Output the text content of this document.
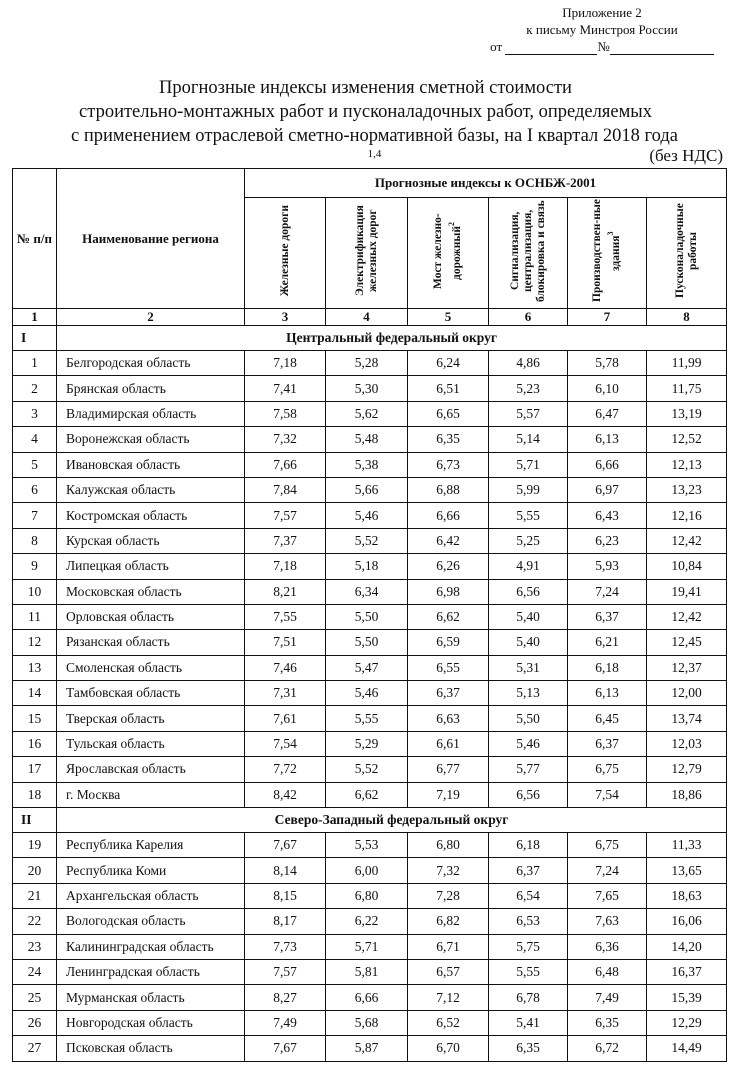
Приложение 2
к письму Минстроя России
от	№
Прогнозные индексы изменения сметной стоимости
строительно-монтажных работ и пусконаладочных работ, определяемых
с применением отраслевой сметно-нормативной базы, на I квартал 2018 года
$^{1,4}$	(без НДС)
№ п/п	Наименование региона	Прогнозные индексы к ОСНБЖ-2001					
		Железные дороги	Электрификация железных дорог	Мост железно-дорожный$^2$	Сигнализация, централизация, блокировка и связь	Производствен-ные здания$^3$	Пусконаладочные работы
1	2	3	4	5	6	7	8
I	Центральный федеральный округ						
1	Белгородская область	7,18	5,28	6,24	4,86	5,78	11,99
2	Брянская область	7,41	5,30	6,51	5,23	6,10	11,75
3	Владимирская область	7,58	5,62	6,65	5,57	6,47	13,19
4	Воронежская область	7,32	5,48	6,35	5,14	6,13	12,52
5	Ивановская область	7,66	5,38	6,73	5,71	6,66	12,13
6	Калужская область	7,84	5,66	6,88	5,99	6,97	13,23
7	Костромская область	7,57	5,46	6,66	5,55	6,43	12,16
8	Курская область	7,37	5,52	6,42	5,25	6,23	12,42
9	Липецкая область	7,18	5,18	6,26	4,91	5,93	10,84
10	Московская область	8,21	6,34	6,98	6,56	7,24	19,41
11	Орловская область	7,55	5,50	6,62	5,40	6,37	12,42
12	Рязанская область	7,51	5,50	6,59	5,40	6,21	12,45
13	Смоленская область	7,46	5,47	6,55	5,31	6,18	12,37
14	Тамбовская область	7,31	5,46	6,37	5,13	6,13	12,00
15	Тверская область	7,61	5,55	6,63	5,50	6,45	13,74
16	Тульская область	7,54	5,29	6,61	5,46	6,37	12,03
17	Ярославская область	7,72	5,52	6,77	5,77	6,75	12,79
18	г. Москва	8,42	6,62	7,19	6,56	7,54	18,86
II	Северо-Западный федеральный округ						
19	Республика Карелия	7,67	5,53	6,80	6,18	6,75	11,33
20	Республика Коми	8,14	6,00	7,32	6,37	7,24	13,65
21	Архангельская область	8,15	6,80	7,28	6,54	7,65	18,63
22	Вологодская область	8,17	6,22	6,82	6,53	7,63	16,06
23	Калининградская область	7,73	5,71	6,71	5,75	6,36	14,20
24	Ленинградская область	7,57	5,81	6,57	5,55	6,48	16,37
25	Мурманская область	8,27	6,66	7,12	6,78	7,49	15,39
26	Новгородская область	7,49	5,68	6,52	5,41	6,35	12,29
27	Псковская область	7,67	5,87	6,70	6,35	6,72	14,49
